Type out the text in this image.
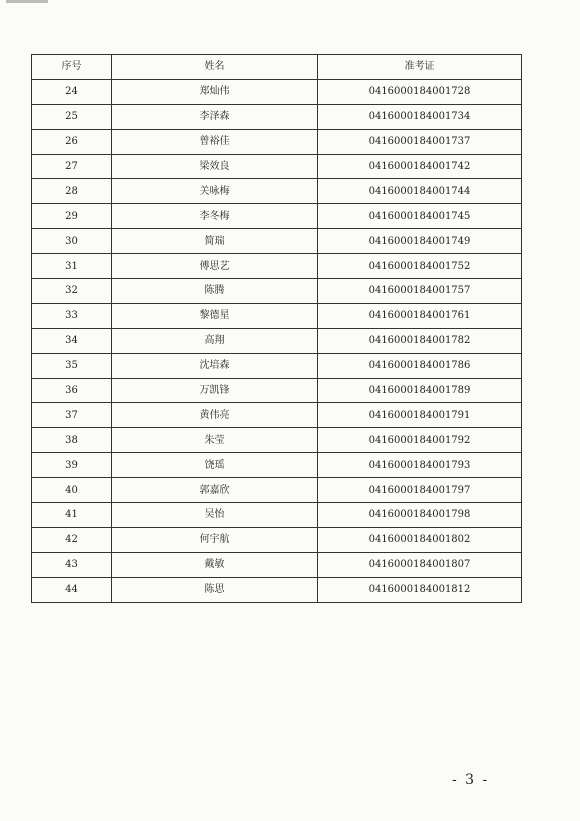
序号	姓名	准考证
24	郑灿伟	0416000184001728
25	李泽森	0416000184001734
26	曾裕佳	0416000184001737
27	梁效良	0416000184001742
28	关咏梅	0416000184001744
29	李冬梅	0416000184001745
30	简瑞	0416000184001749
31	傅思艺	0416000184001752
32	陈腾	0416000184001757
33	黎德星	0416000184001761
34	高翔	0416000184001782
35	沈培森	0416000184001786
36	万凯锋	0416000184001789
37	黄伟亮	0416000184001791
38	朱莹	0416000184001792
39	饶瑶	0416000184001793
40	郭嘉欣	0416000184001797
41	吴怡	0416000184001798
42	何宇航	0416000184001802
43	戴敏	0416000184001807
44	陈思	0416000184001812
- 3 -
